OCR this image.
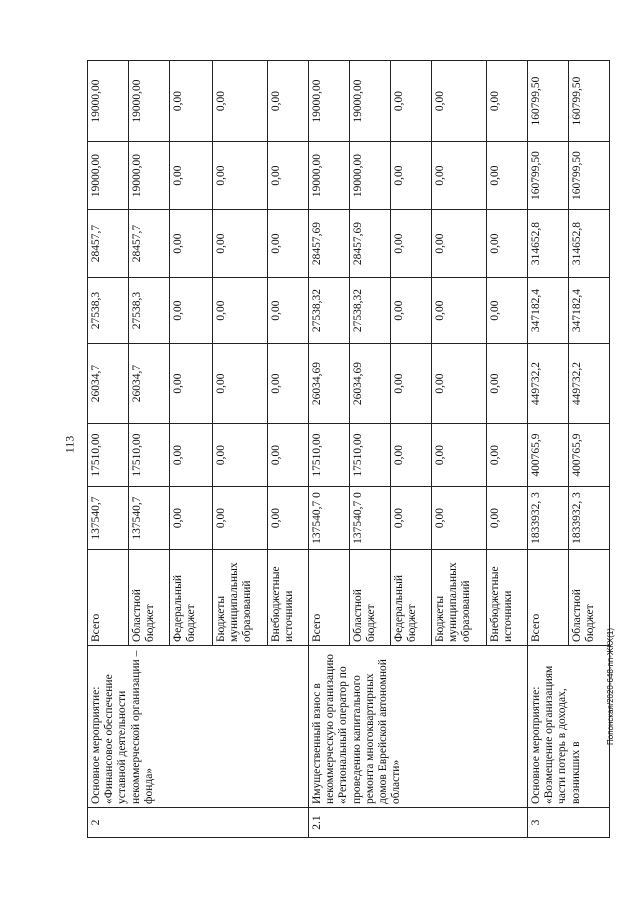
113
2	Основное мероприятие: «Финансовое обеспечение уставной деятельности некоммерческой организации – фонда»	Всего	137540,7	17510,00	26034,7	27538,3	28457,7	19000,00	19000,00
		Областной бюджет	137540,7	17510,00	26034,7	27538,3	28457,7	19000,00	19000,00
		Федеральный бюджет	0,00	0,00	0,00	0,00	0,00	0,00	0,00
		Бюджеты муниципальных образований	0,00	0,00	0,00	0,00	0,00	0,00	0,00
		Внебюджетные источники	0,00	0,00	0,00	0,00	0,00	0,00	0,00
2.1	Имущественный взнос в некоммерческую организацию «Региональный оператор по проведению капитального ремонта многоквартирных домов Еврейской автономной области»	Всего	137540,7 0	17510,00	26034,69	27538,32	28457,69	19000,00	19000,00
		Областной бюджет	137540,7 0	17510,00	26034,69	27538,32	28457,69	19000,00	19000,00
		Федеральный бюджет	0,00	0,00	0,00	0,00	0,00	0,00	0,00
		Бюджеты муниципальных образований	0,00	0,00	0,00	0,00	0,00	0,00	0,00
		Внебюджетные источники	0,00	0,00	0,00	0,00	0,00	0,00	0,00
3	Основное мероприятие: «Возмещение организациям части потерь в доходах, возникших в	Всего	1833932, 3	400765,9	449732,2	347182,4	314652,8	160799,50	160799,50
		Областной бюджет	1833932, 3	400765,9	449732,2	347182,4	314652,8	160799,50	160799,50
Попонская/2020-648-пп-ЖКХ(1)
